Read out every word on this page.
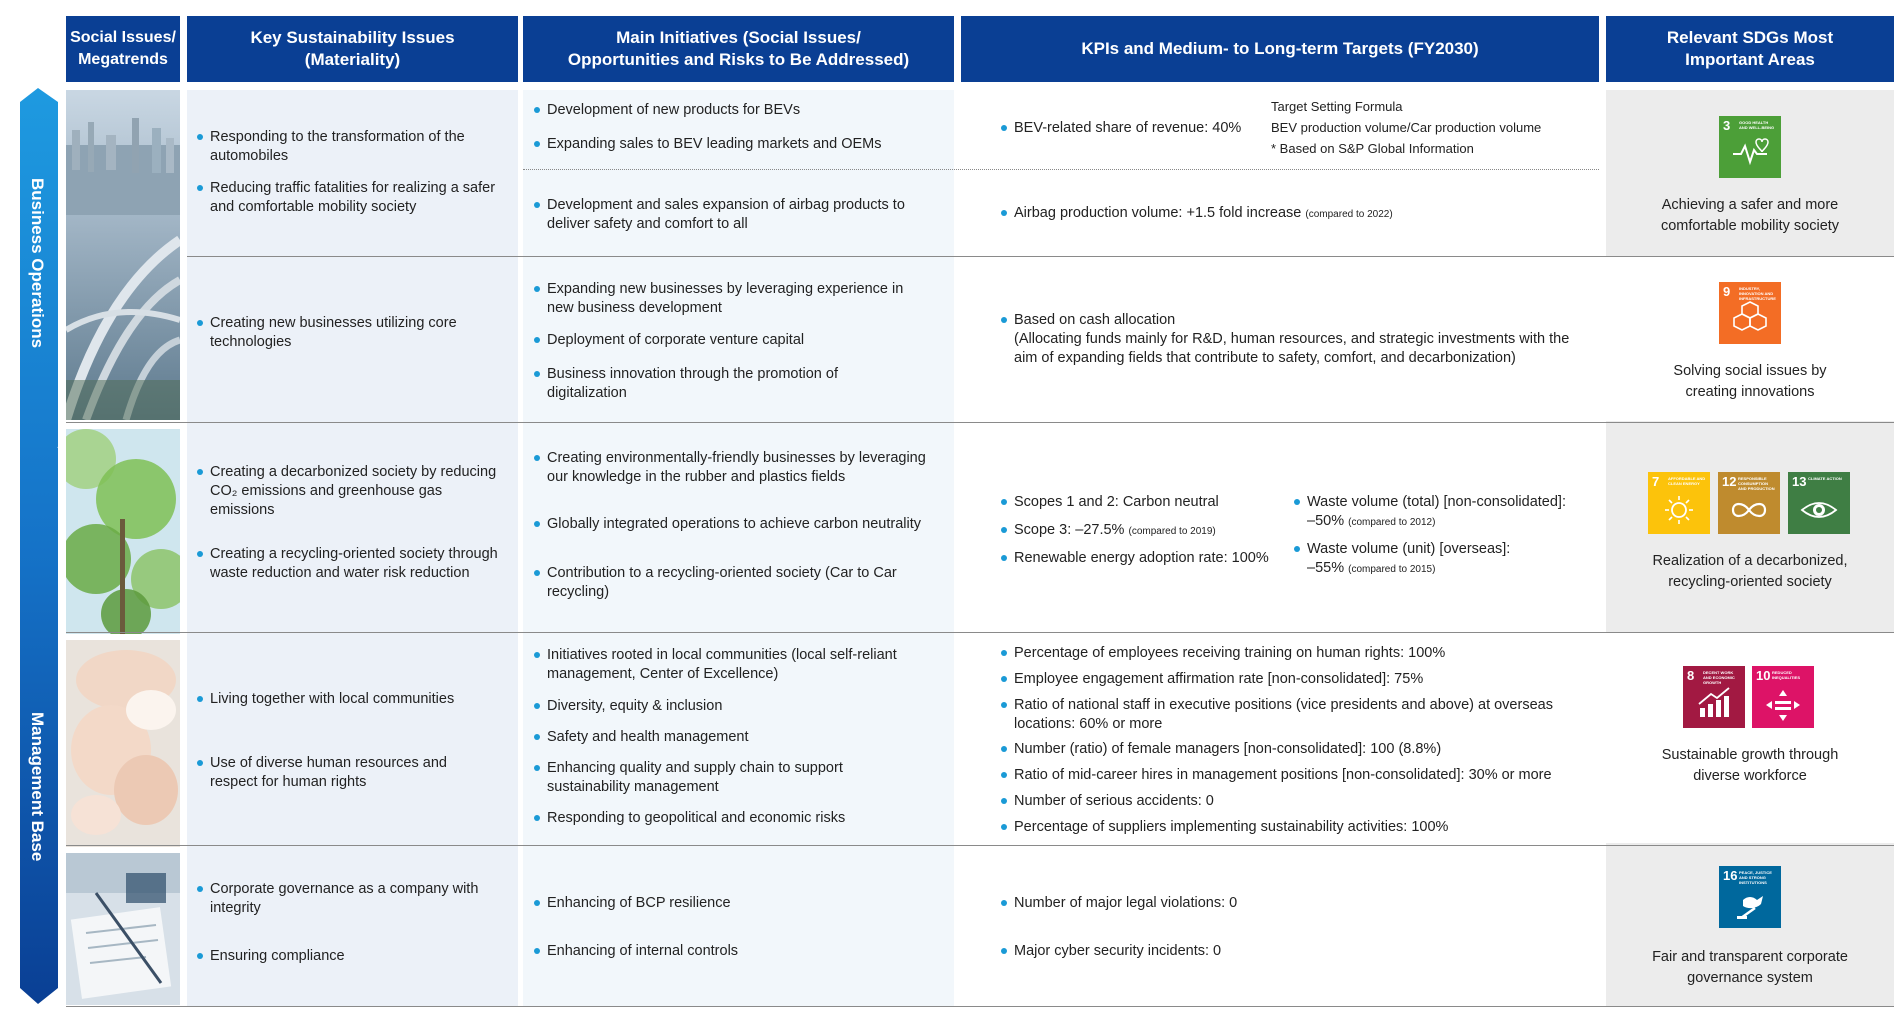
Social Issues/ Megatrends
Key Sustainability Issues (Materiality)
Main Initiatives (Social Issues/ Opportunities and Risks to Be Addressed)
KPIs and Medium- to Long-term Targets (FY2030)
Relevant SDGs Most Important Areas
Business Operations
Management Base
Responding to the transformation of the automobiles
Reducing traffic fatalities for realizing a safer and comfortable mobility society
Development of new products for BEVs
Expanding sales to BEV leading markets and OEMs
Development and sales expansion of airbag products to deliver safety and comfort to all
BEV-related share of revenue: 40%
Target Setting Formula
BEV production volume/Car production volume
* Based on S&P Global Information
Airbag production volume: +1.5 fold increase (compared to 2022)
3 GOOD HEALTH AND WELL-BEING
Achieving a safer and more comfortable mobility society
Creating new businesses utilizing core technologies
Expanding new businesses by leveraging experience in new business development
Deployment of corporate venture capital
Business innovation through the promotion of digitalization
Based on cash allocation
(Allocating funds mainly for R&D, human resources, and strategic investments with the aim of expanding fields that contribute to safety, comfort, and decarbonization)
9 INDUSTRY, INNOVATION AND INFRASTRUCTURE
Solving social issues by creating innovations
Creating a decarbonized society by reducing CO₂ emissions and greenhouse gas emissions
Creating a recycling-oriented society through waste reduction and water risk reduction
Creating environmentally-friendly businesses by leveraging our knowledge in the rubber and plastics fields
Globally integrated operations to achieve carbon neutrality
Contribution to a recycling-oriented society (Car to Car recycling)
Scopes 1 and 2: Carbon neutral
Scope 3: –27.5% (compared to 2019)
Renewable energy adoption rate: 100%
Waste volume (total) [non-consolidated]:
–50% (compared to 2012)
Waste volume (unit) [overseas]:
–55% (compared to 2015)
7 AFFORDABLE AND CLEAN ENERGY	12 RESPONSIBLE CONSUMPTION AND PRODUCTION 13 CLIMATE ACTION
Realization of a decarbonized, recycling-oriented society
Living together with local communities
Use of diverse human resources and respect for human rights
Initiatives rooted in local communities (local self-reliant management, Center of Excellence)
Diversity, equity & inclusion
Safety and health management
Enhancing quality and supply chain to support sustainability management
Responding to geopolitical and economic risks
Percentage of employees receiving training on human rights: 100%
Employee engagement affirmation rate [non-consolidated]: 75%
Ratio of national staff in executive positions (vice presidents and above) at overseas locations: 60% or more
Number (ratio) of female managers [non-consolidated]: 100 (8.8%)
Ratio of mid-career hires in management positions [non-consolidated]: 30% or more
Number of serious accidents: 0
Percentage of suppliers implementing sustainability activities: 100%
8 DECENT WORK AND ECONOMIC GROWTH	10 REDUCED INEQUALITIES
Sustainable growth through diverse workforce
Corporate governance as a company with integrity
Ensuring compliance
Enhancing of BCP resilience
Enhancing of internal controls
Number of major legal violations: 0
Major cyber security incidents: 0
16 PEACE, JUSTICE AND STRONG INSTITUTIONS
Fair and transparent corporate governance system
